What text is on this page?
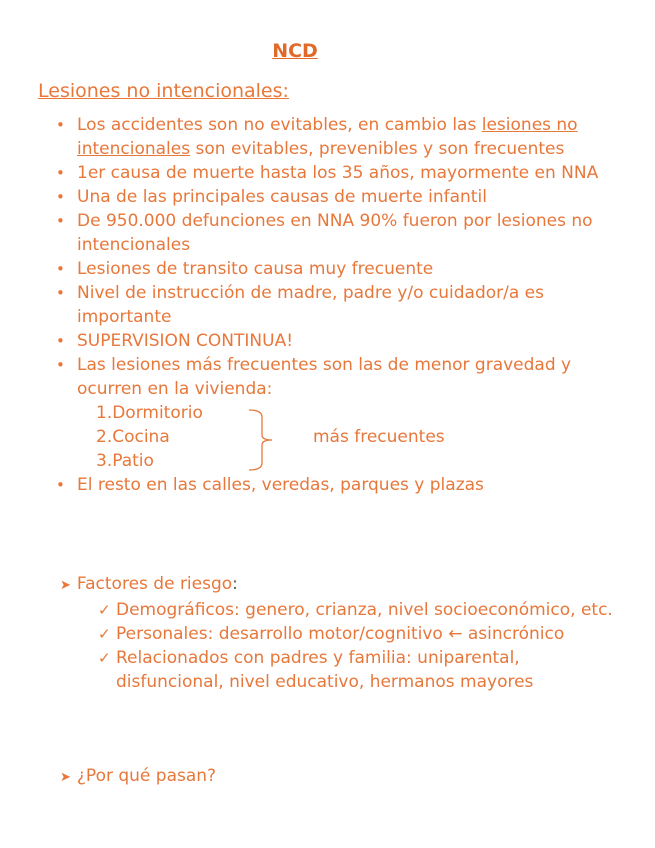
NCD
Lesiones no intencionales:
• Los accidentes son no evitables, en cambio las lesiones no intencionales son evitables, prevenibles y son frecuentes
• 1er causa de muerte hasta los 35 años, mayormente en NNA
• Una de las principales causas de muerte infantil
• De 950.000 defunciones en NNA 90% fueron por lesiones no intencionales
• Lesiones de transito causa muy frecuente
• Nivel de instrucción de madre, padre y/o cuidador/a es importante
• SUPERVISION CONTINUA!
• Las lesiones más frecuentes son las de menor gravedad y ocurren en la vivienda:
1.Dormitorio
2.Cocina
3.Patio
más frecuentes
• El resto en las calles, veredas, parques y plazas
➤ Factores de riesgo:
✓ Demográficos: genero, crianza, nivel socioeconómico, etc.
✓ Personales: desarrollo motor/cognitivo ← asincrónico
✓ Relacionados con padres y familia: uniparental, disfuncional, nivel educativo, hermanos mayores
➤ ¿Por qué pasan?
